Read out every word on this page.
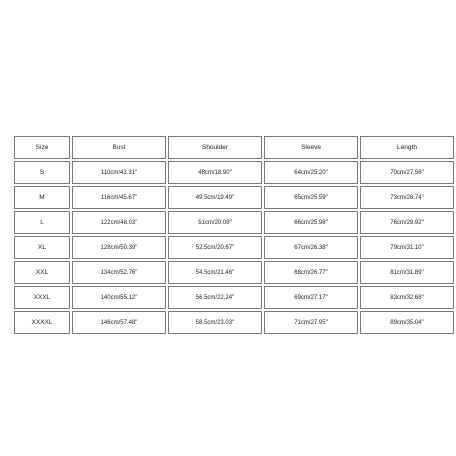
Size	Bust	Shoulder	Sleeve	Length
S	110cm/43.31"	48cm/18.90"	64cm/25.20"	70cm/27.56"
M	116cm/45.67"	49.5cm/19.49"	65cm/25.59"	73cm/28.74"
L	122cm/48.03"	51cm/20.08"	66cm/25.98"	76cm/29.92"
XL	128cm/50.39"	52.5cm/20.67"	67cm/26.38"	79cm/31.10"
XXL	134cm/52.76"	54.5cm/21.46"	68cm/26.77"	81cm/31.89"
XXXL	140cm/55.12"	56.5cm/22.24"	69cm/27.17"	83cm/32.68"
XXXXL	146cm/57.48"	58.5cm/23.03"	71cm/27.95"	89cm/35.04"
